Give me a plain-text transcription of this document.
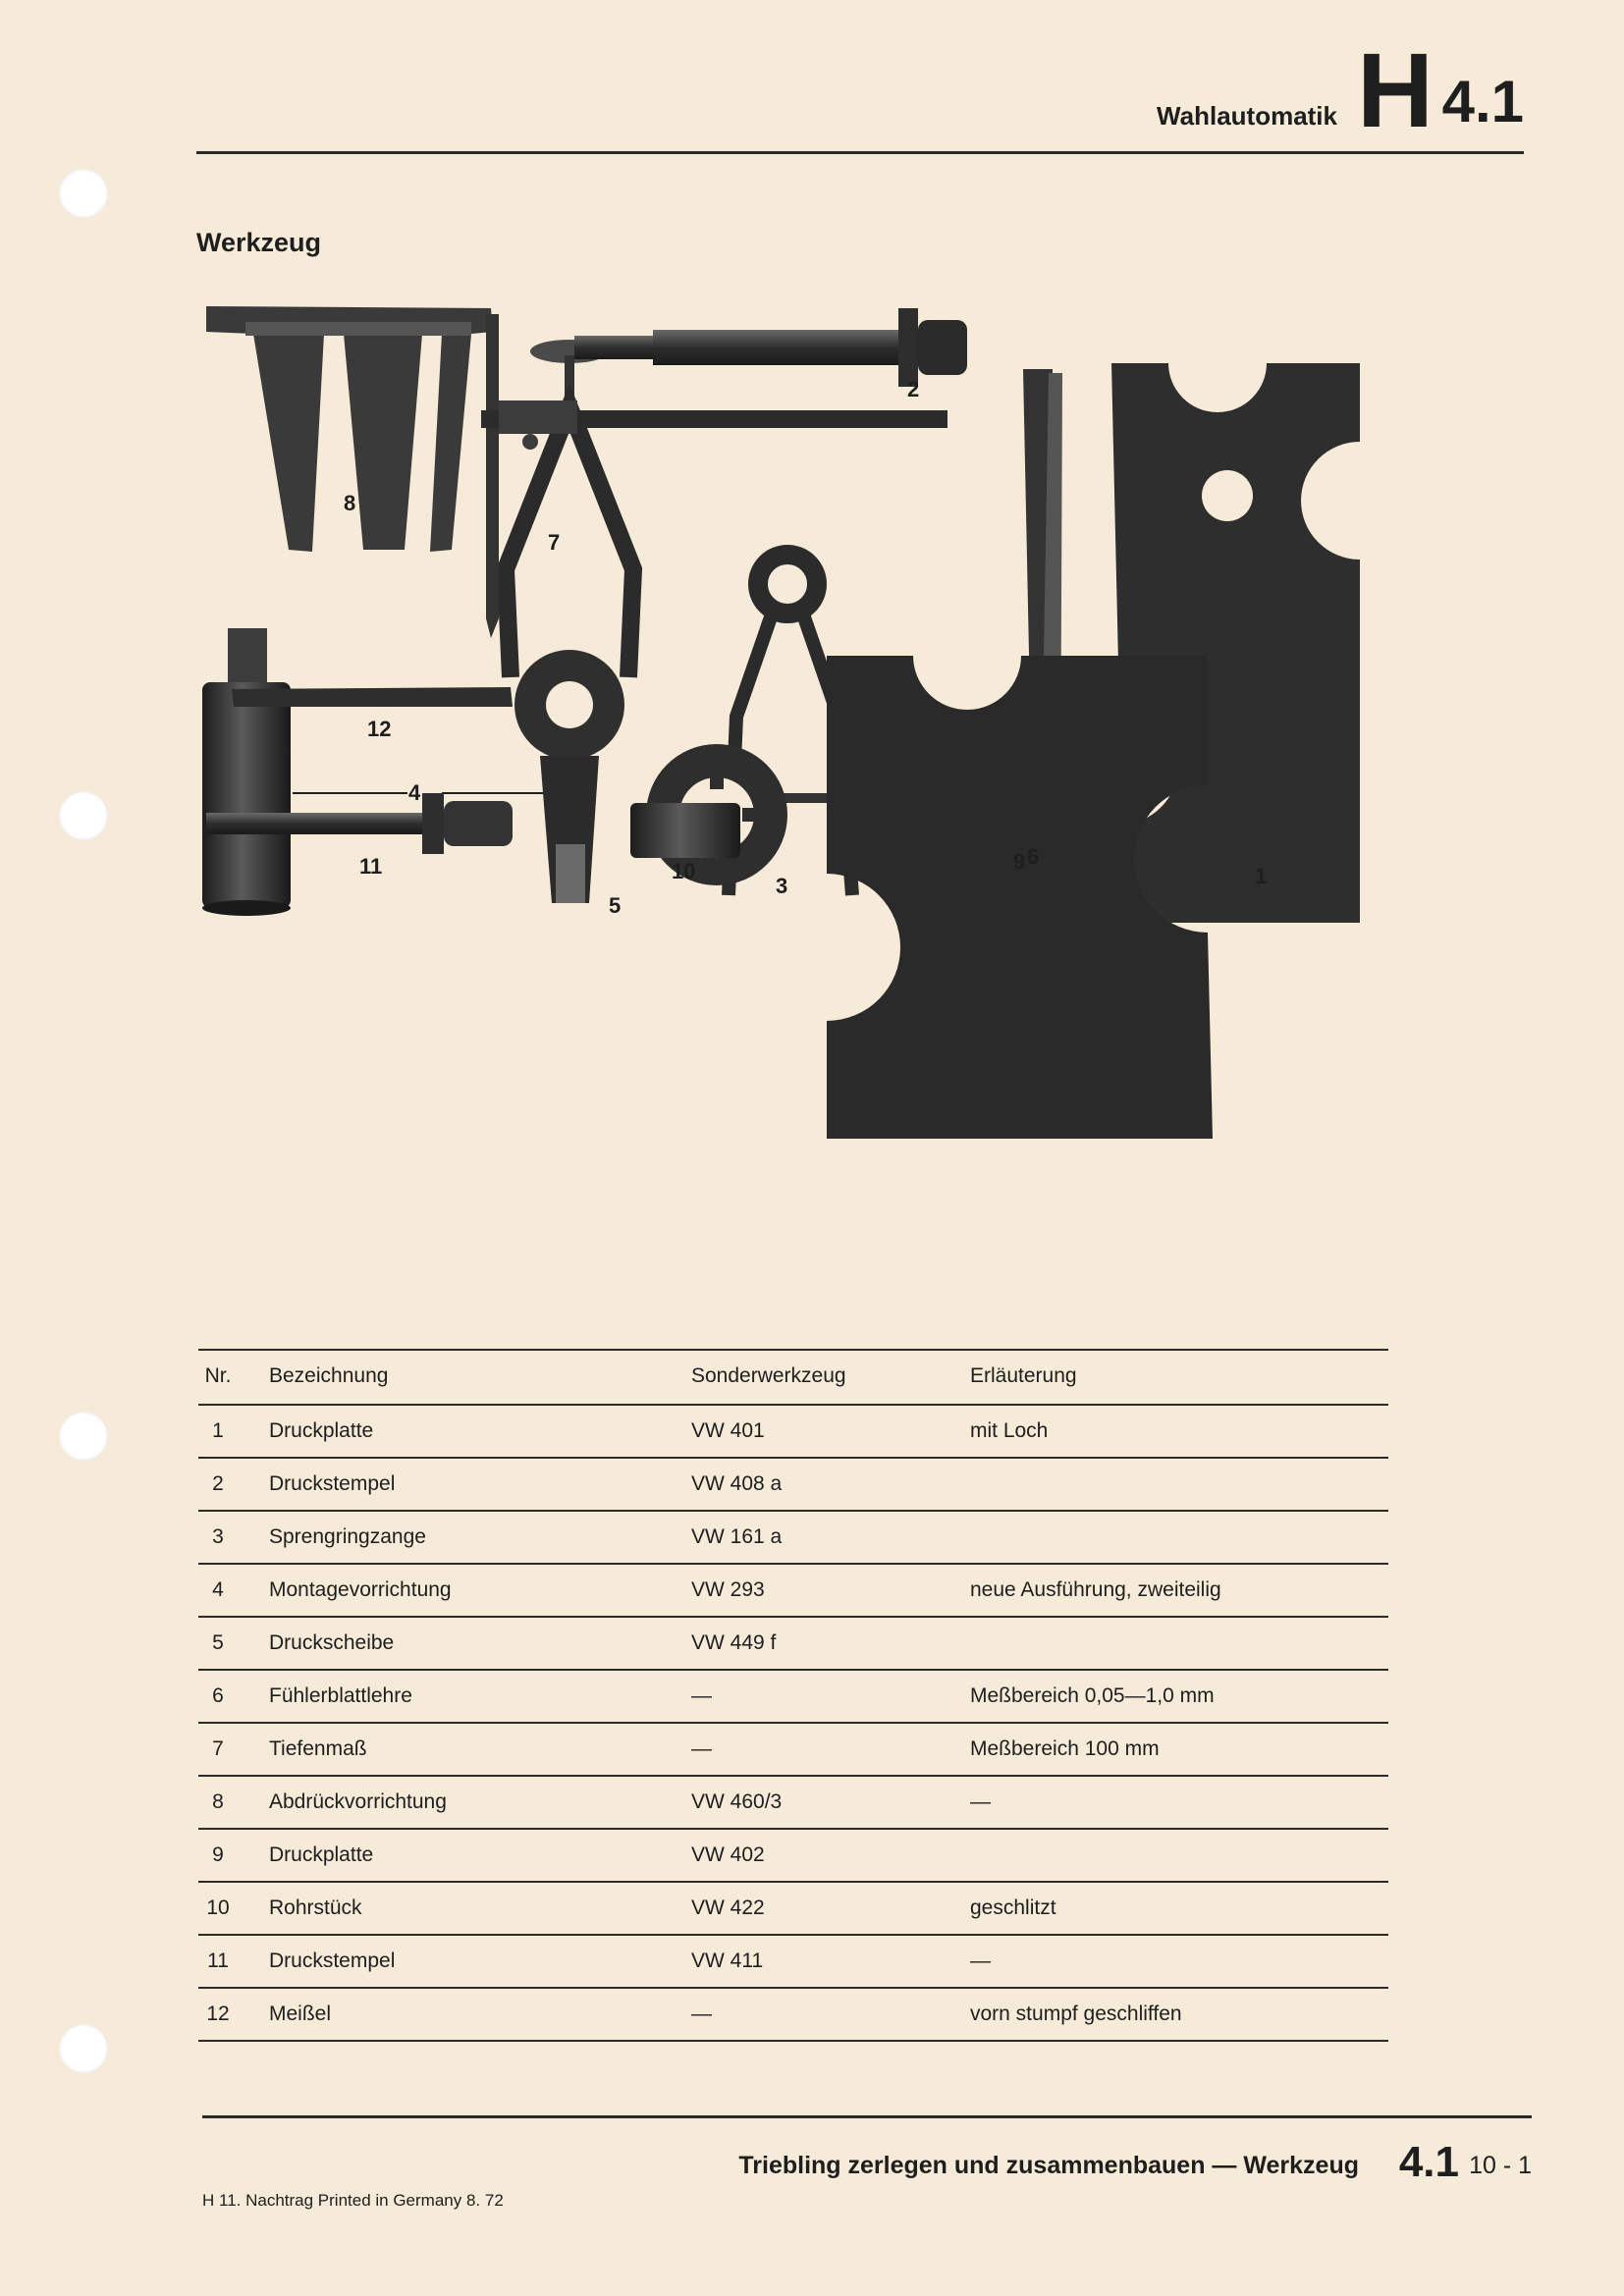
Wahlautomatik H 4.1
Werkzeug
8
4
7
2
5
3
6
1
12
9
11	10
Nr.	Bezeichnung	Sonderwerkzeug	Erläuterung
1	Druckplatte	VW 401	mit Loch
2	Druckstempel	VW 408 a
3	Sprengringzange	VW 161 a
4	Montagevorrichtung	VW 293	neue Ausführung, zweiteilig
5	Druckscheibe	VW 449 f
6	Fühlerblattlehre	—	Meßbereich 0,05—1,0 mm
7	Tiefenmaß	—	Meßbereich 100 mm
8	Abdrückvorrichtung	VW 460/3	—
9	Druckplatte	VW 402
10	Rohrstück	VW 422	geschlitzt
11	Druckstempel	VW 411	—
12	Meißel	—	vorn stumpf geschliffen
Triebling zerlegen und zusammenbauen — Werkzeug 4.1 10 - 1
H 11. Nachtrag Printed in Germany 8. 72
